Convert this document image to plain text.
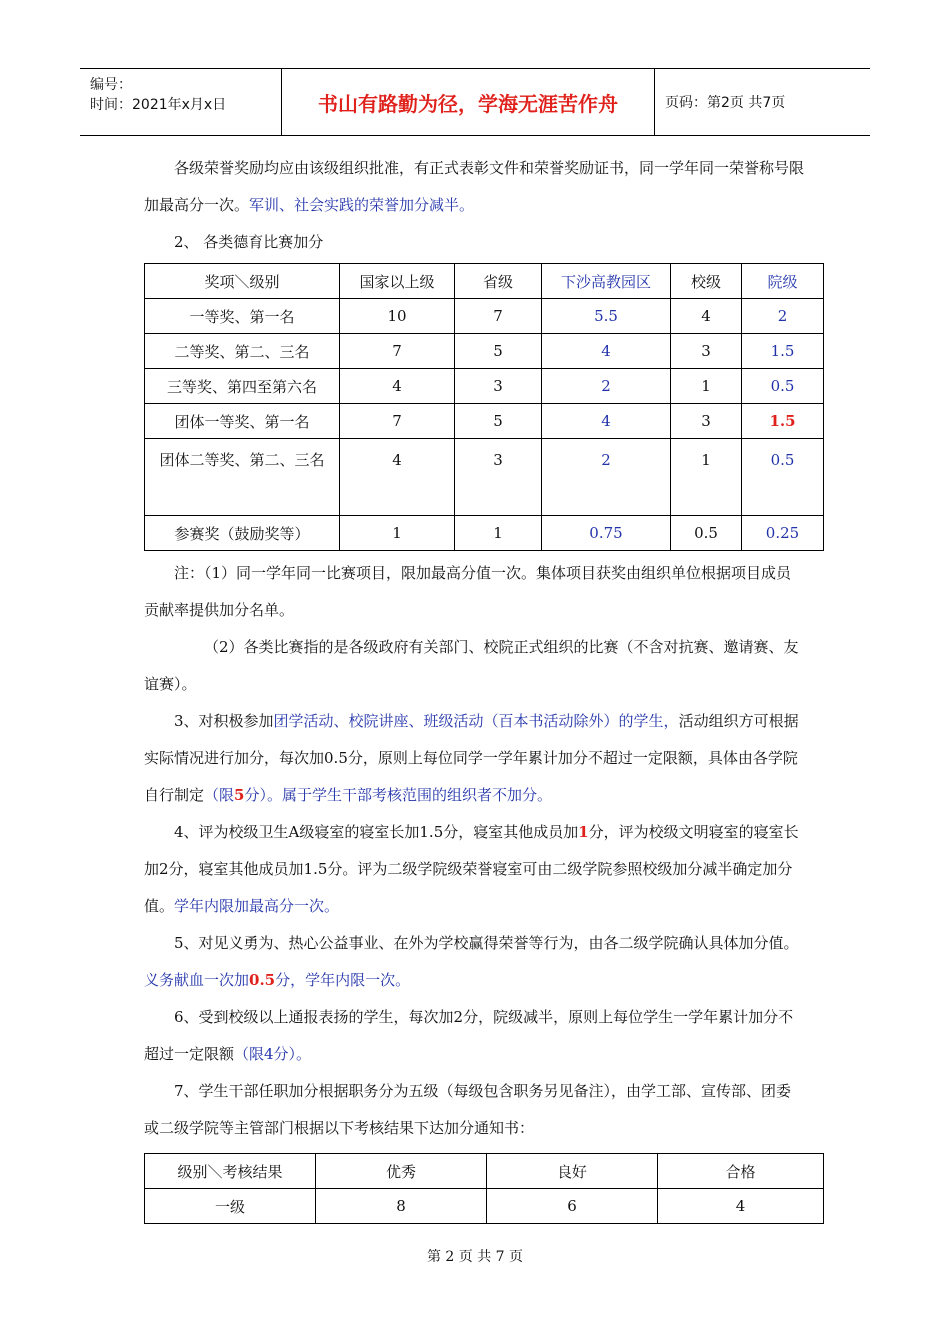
编号：
时间：2021年x月x日	书山有路勤为径，学海无涯苦作舟	页码：第2页 共7页

各级荣誉奖励均应由该级组织批准，有正式表彰文件和荣誉奖励证书，同一学年同一荣誉称号限加最高分一次。军训、社会实践的荣誉加分减半。

2、 各类德育比赛加分

奖项＼级别	国家以上级	省级	下沙高教园区	校级	院级
一等奖、第一名	10	7	5.5	4	2
二等奖、第二、三名	7	5	4	3	1.5
三等奖、第四至第六名	4	3	2	1	0.5
团体一等奖、第一名	7	5	4	3	1.5
团体二等奖、第二、三名	4	3	2	1	0.5
参赛奖（鼓励奖等）	1	1	0.75	0.5	0.25

注：（1）同一学年同一比赛项目，限加最高分值一次。集体项目获奖由组织单位根据项目成员贡献率提供加分名单。

（2）各类比赛指的是各级政府有关部门、校院正式组织的比赛（不含对抗赛、邀请赛、友谊赛）。

3、对积极参加团学活动、校院讲座、班级活动（百本书活动除外）的学生，活动组织方可根据实际情况进行加分，每次加0.5分，原则上每位同学一学年累计加分不超过一定限额，具体由各学院自行制定（限5分）。属于学生干部考核范围的组织者不加分。

4、评为校级卫生A级寝室的寝室长加1.5分，寝室其他成员加1分，评为校级文明寝室的寝室长加2分，寝室其他成员加1.5分。评为二级学院级荣誉寝室可由二级学院参照校级加分减半确定加分值。学年内限加最高分一次。

5、对见义勇为、热心公益事业、在外为学校赢得荣誉等行为，由各二级学院确认具体加分值。义务献血一次加0.5分，学年内限一次。

6、受到校级以上通报表扬的学生，每次加2分，院级减半，原则上每位学生一学年累计加分不超过一定限额（限4分）。

7、学生干部任职加分根据职务分为五级（每级包含职务另见备注），由学工部、宣传部、团委或二级学院等主管部门根据以下考核结果下达加分通知书：

级别＼考核结果	优秀	良好	合格
一级	8	6	4
第 2 页 共 7 页
